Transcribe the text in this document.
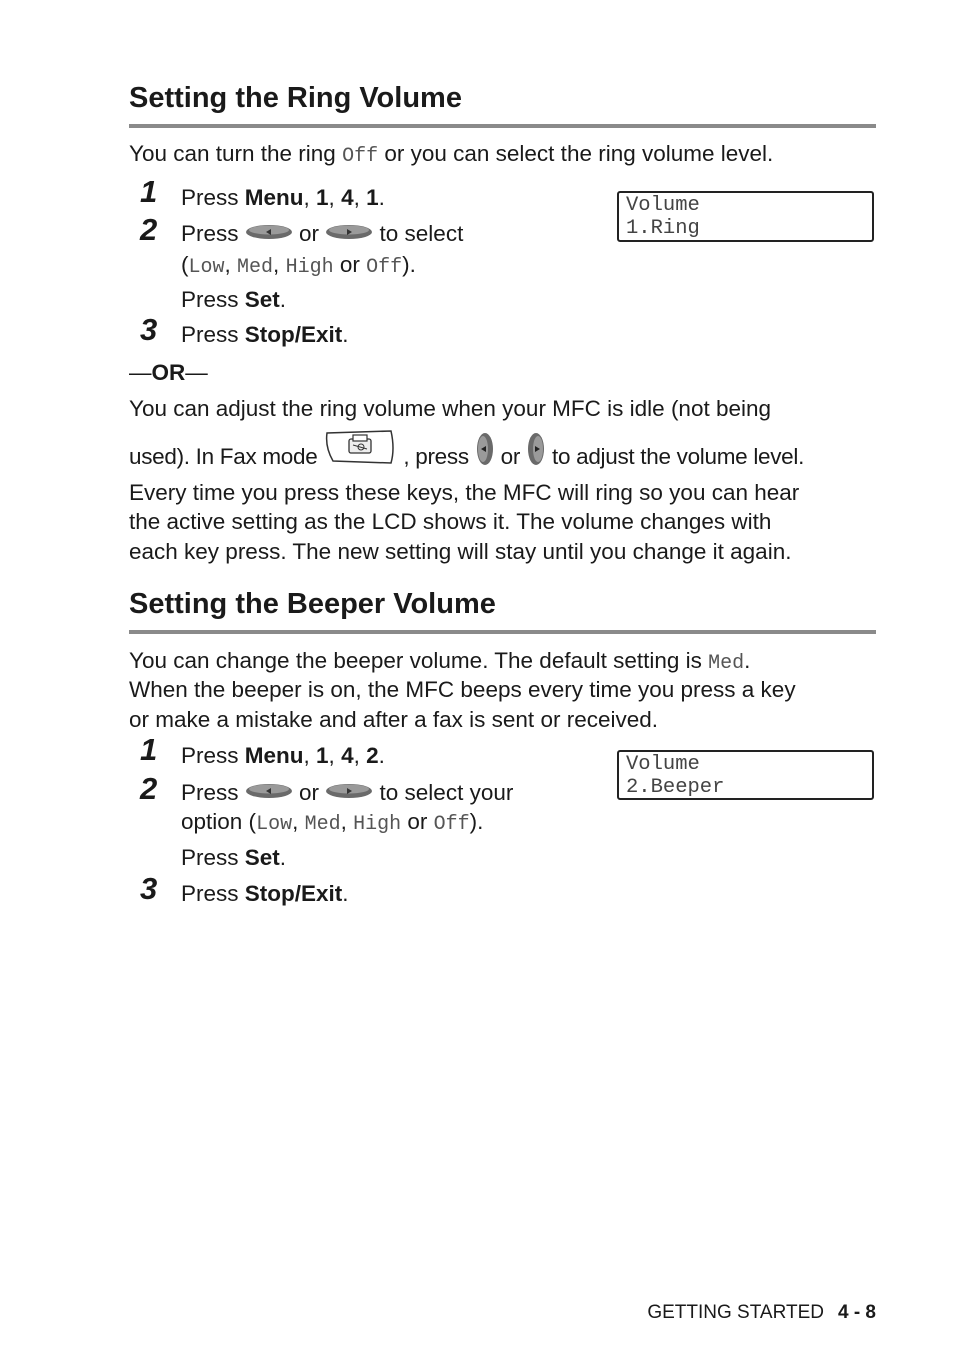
Setting the Ring Volume
You can turn the ring Off or you can select the ring volume level.
Volume
1.Ring
1 Press Menu, 1, 4, 1.
2 Press  or  to select
(Low, Med, High or Off).
Press Set.
3 Press Stop/Exit.
—OR—
You can adjust the ring volume when your MFC is idle (not being
used). In Fax mode	, press  or  to adjust the volume level.
Every time you press these keys, the MFC will ring so you can hear
the active setting as the LCD shows it. The volume changes with
each key press. The new setting will stay until you change it again.
Setting the Beeper Volume
You can change the beeper volume. The default setting is Med.
When the beeper is on, the MFC beeps every time you press a key
or make a mistake and after a fax is sent or received.
Volume
2.Beeper
1 Press Menu, 1, 4, 2.
2 Press  or  to select your
option (Low, Med, High or Off).
Press Set.
3 Press Stop/Exit.
GETTING STARTED 4 - 8
